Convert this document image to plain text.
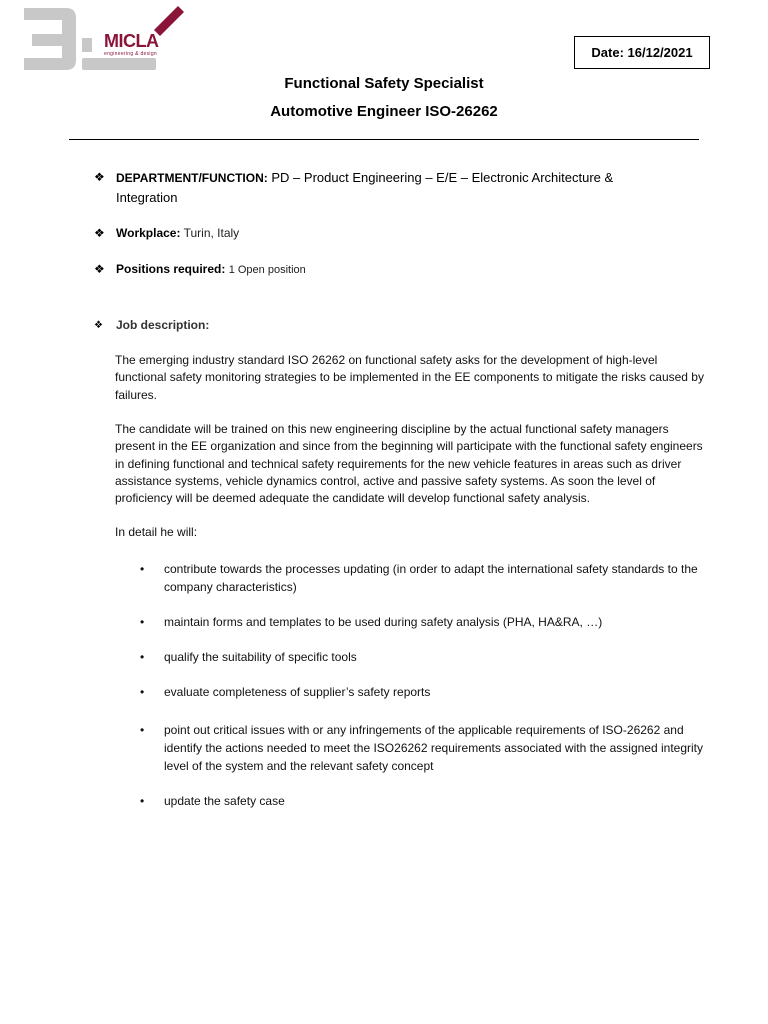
MICLA
engineering & design	Date: 16/12/2021
Functional Safety Specialist
Automotive Engineer ISO-26262
❖ DEPARTMENT/FUNCTION: PD – Product Engineering – E/E – Electronic Architecture &
Integration
❖ Workplace: Turin, Italy
❖ Positions required: 1 Open position
❖ Job description:
The emerging industry standard ISO 26262 on functional safety asks for the development of high-level functional safety monitoring strategies to be implemented in the EE components to mitigate the risks caused by failures.
The candidate will be trained on this new engineering discipline by the actual functional safety managers present in the EE organization and since from the beginning will participate with the functional safety engineers in defining functional and technical safety requirements for the new vehicle features in areas such as driver assistance systems, vehicle dynamics control, active and passive safety systems. As soon the level of proficiency will be deemed adequate the candidate will develop functional safety analysis.
In detail he will:
• contribute towards the processes updating (in order to adapt the international safety standards to the company characteristics)
• maintain forms and templates to be used during safety analysis (PHA, HA&RA, …)
• qualify the suitability of specific tools
• evaluate completeness of supplier’s safety reports
• point out critical issues with or any infringements of the applicable requirements of ISO-26262 and identify the actions needed to meet the ISO26262 requirements associated with the assigned integrity level of the system and the relevant safety concept
• update the safety case
